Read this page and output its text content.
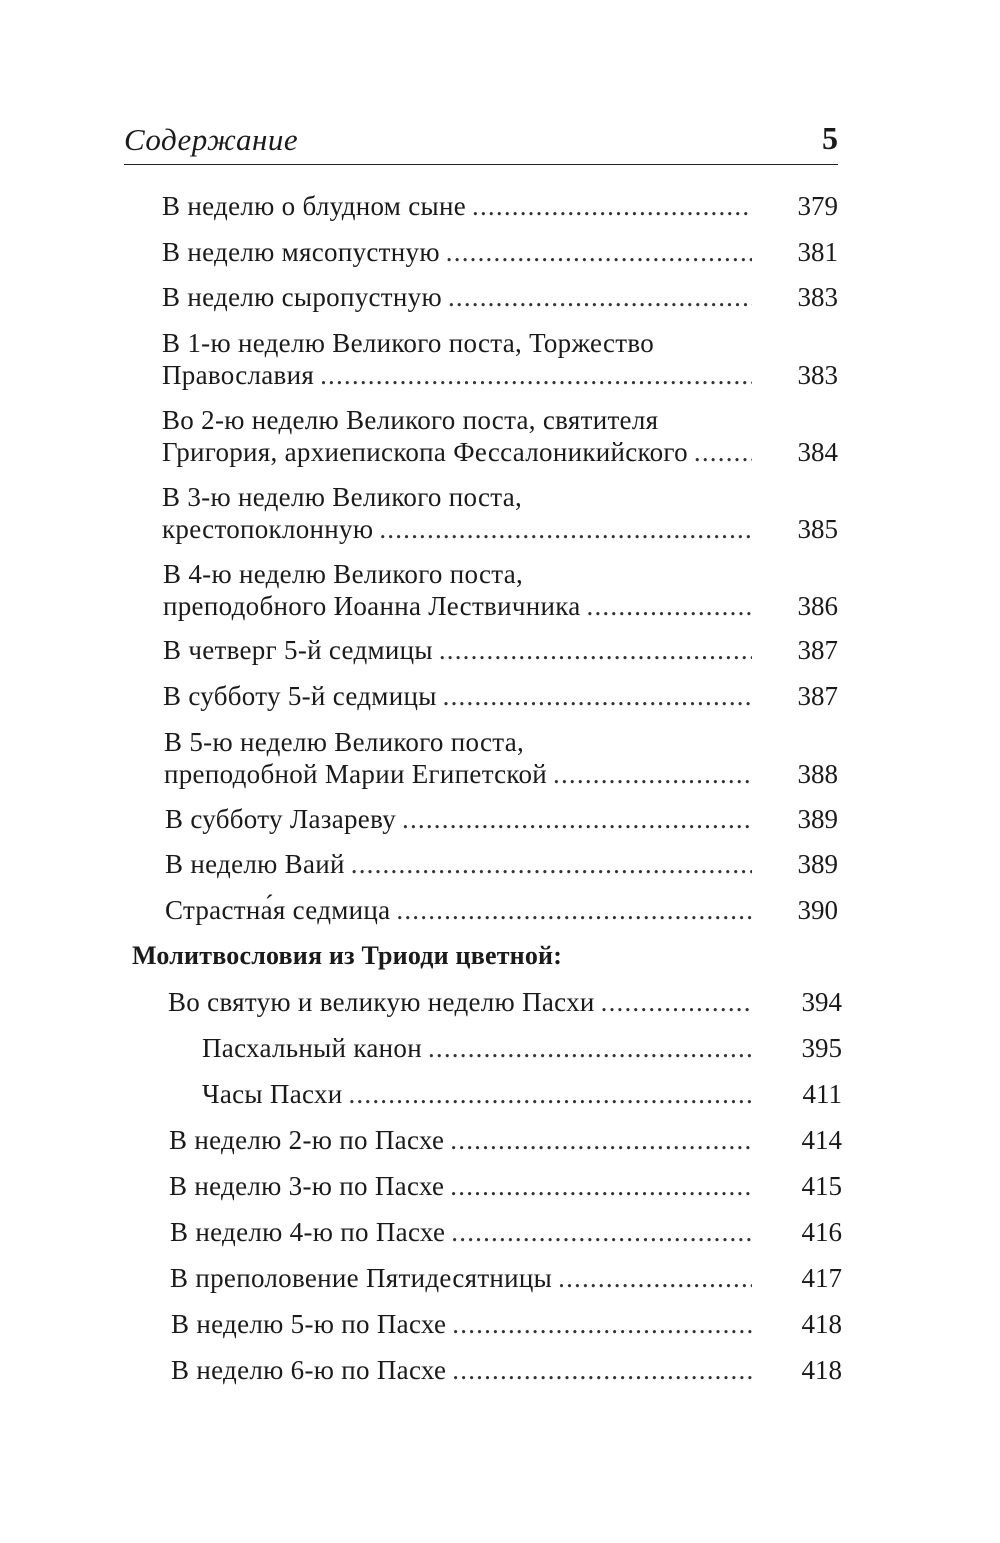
Содержание	5
Молитвословия из Триоди цветной:
В неделю о блудном сыне .....	379
В неделю мясопустную .....	381
В неделю сыропустную .....	383
В 1-ю неделю Великого поста, Торжество
Православия .....	383
Во 2-ю неделю Великого поста, святителя
Григория, архиепископа Фессалоникийского .....	384
В 3-ю неделю Великого поста,
крестопоклонную .....	385
В 4-ю неделю Великого поста,
преподобного Иоанна Лествичника .....	386
В четверг 5-й седмицы .....	387
В субботу 5-й седмицы .....	387
В 5-ю неделю Великого поста,
преподобной Марии Египетской .....	388
В субботу Лазареву .....	389
В неделю Ваий .....	389
Страстна́я седмица .....	390
Во святую и великую неделю Пасхи .....	394
Пасхальный канон .....	395
Часы Пасхи .....	411
В неделю 2-ю по Пасхе .....	414
В неделю 3-ю по Пасхе .....	415
В неделю 4-ю по Пасхе .....	416
В преполовение Пятидесятницы .....	417
В неделю 5-ю по Пасхе .....	418
В неделю 6-ю по Пасхе .....	418
